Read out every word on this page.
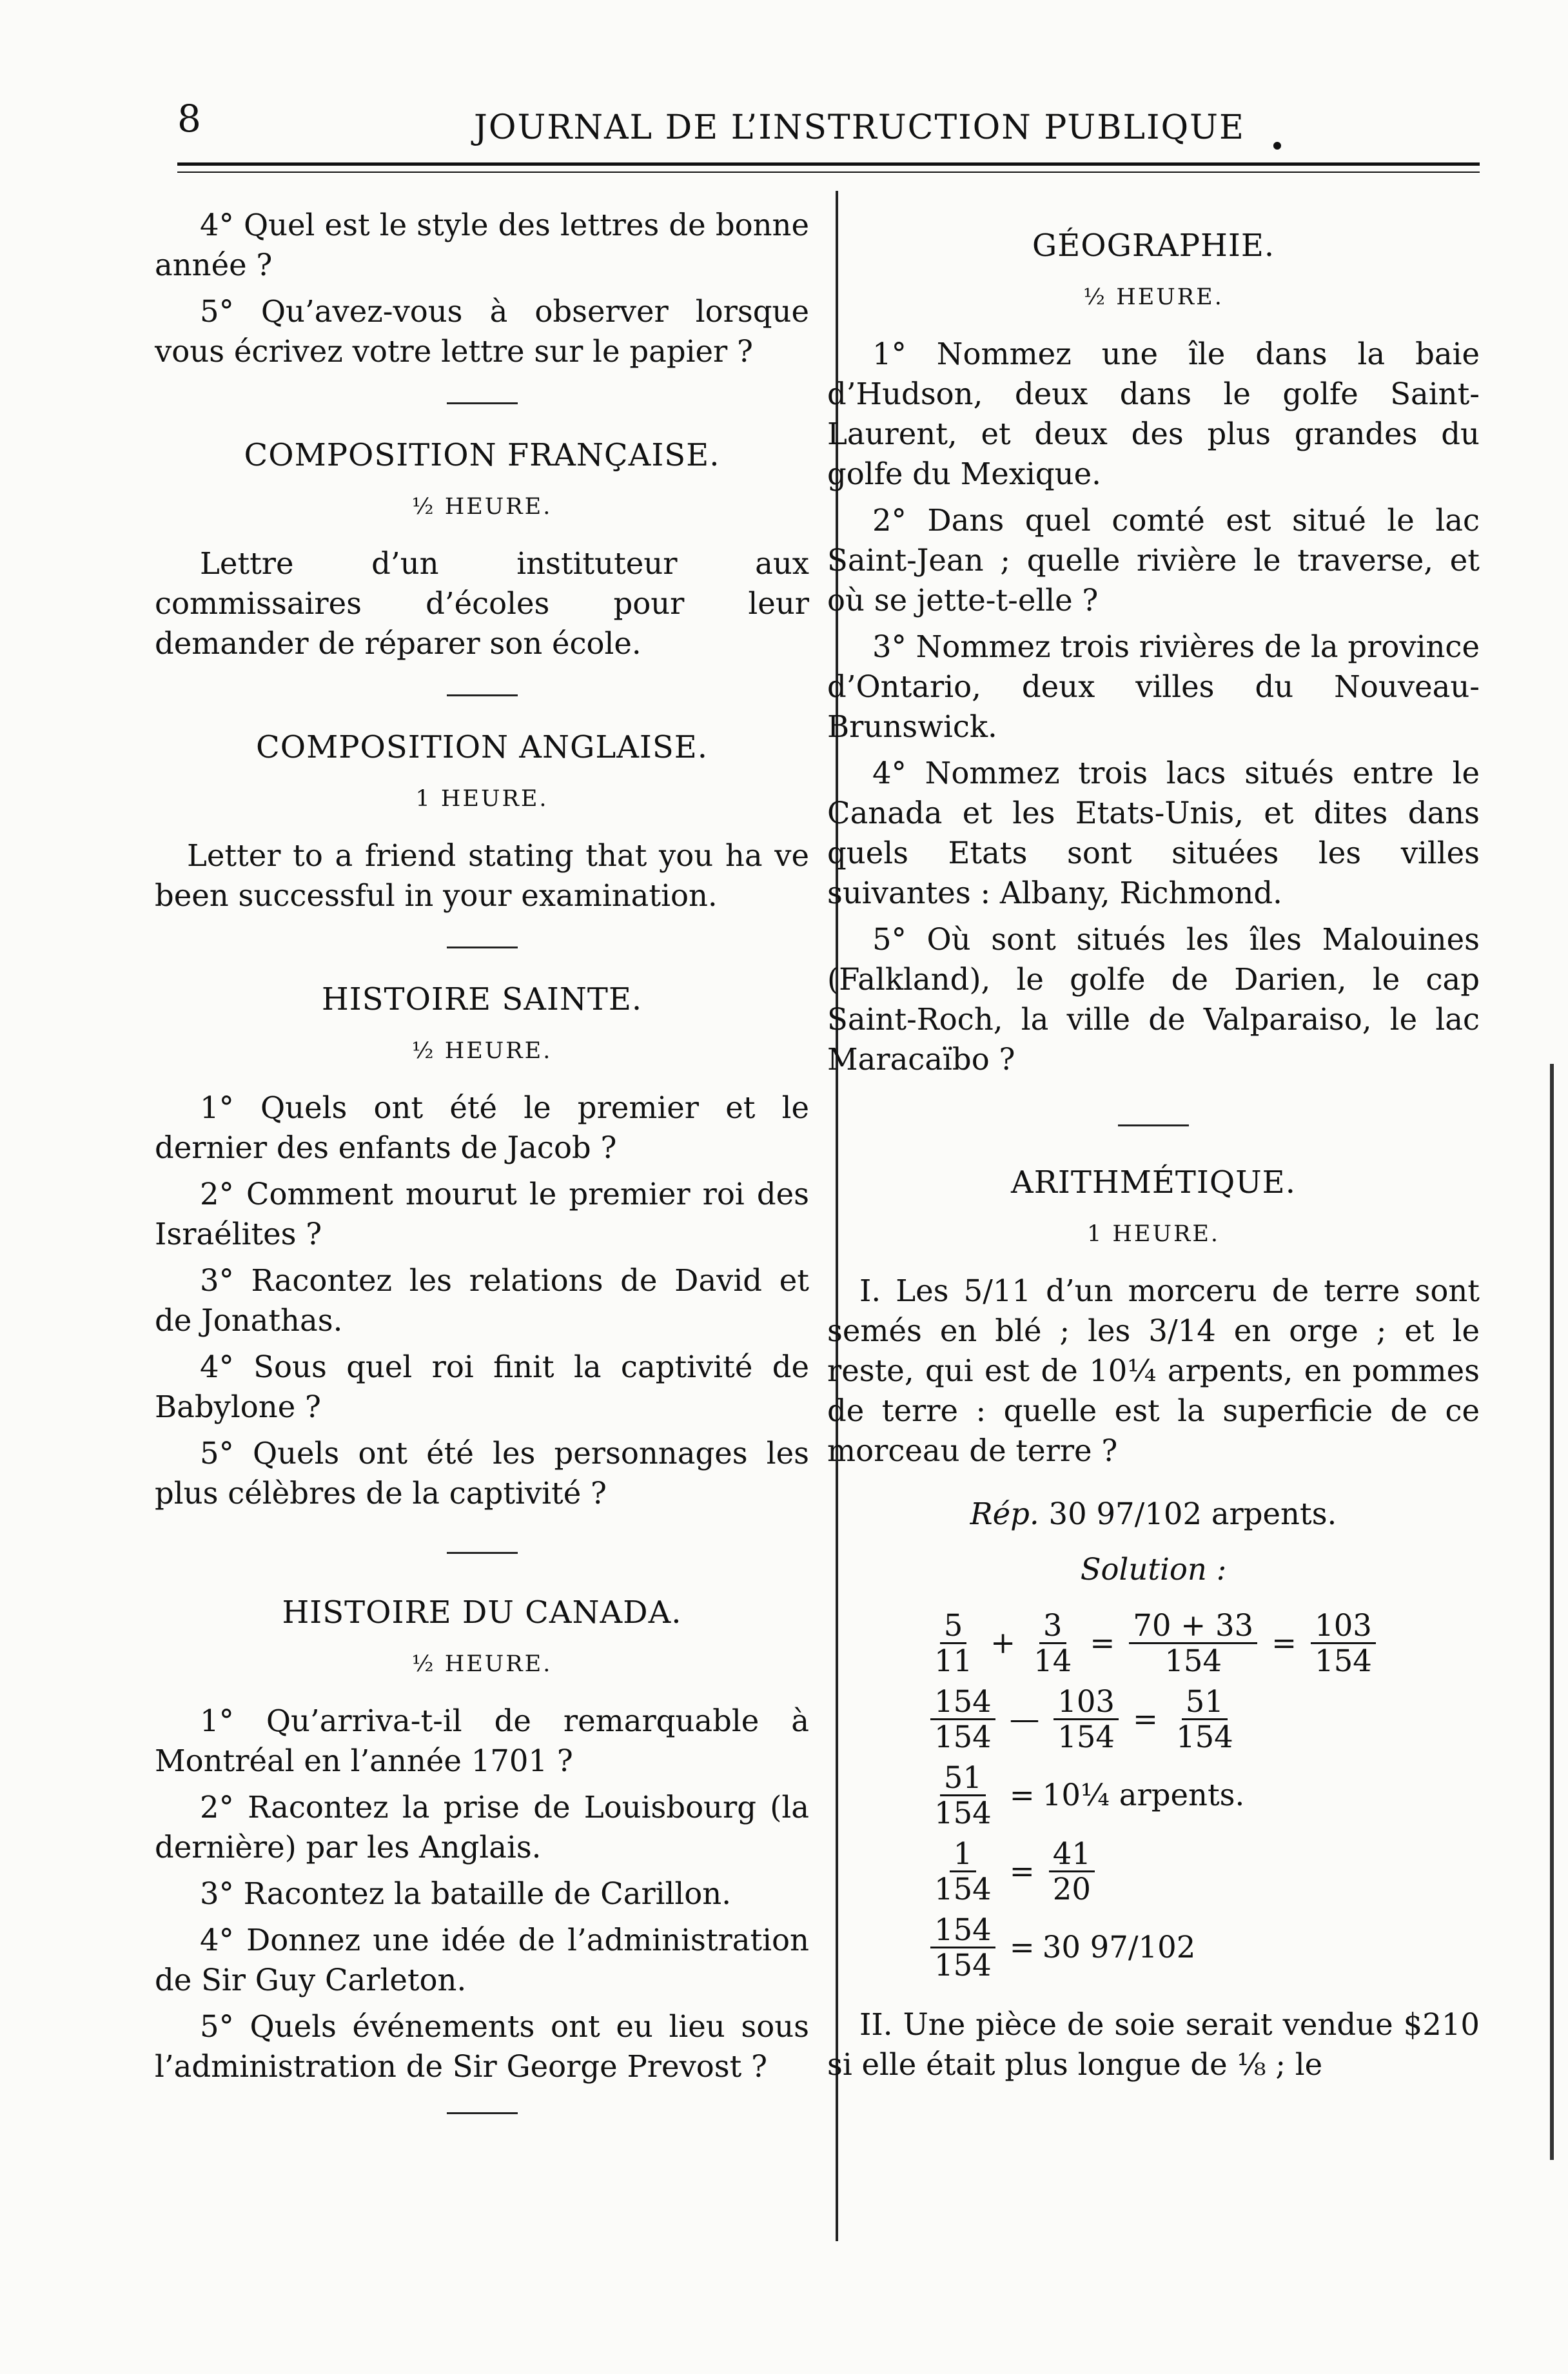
8	JOURNAL DE L’INSTRUCTION PUBLIQUE

4° Quel est le style des lettres de bonne année ?

5° Qu’avez-vous à observer lorsque vous écrivez votre lettre sur le papier ?

COMPOSITION FRANÇAISE.
½ HEURE.

Lettre d’un instituteur aux commissaires d’écoles pour leur demander de réparer son école.

COMPOSITION ANGLAISE.
1 HEURE.

Letter to a friend stating that you ha ve been successful in your examination.

HISTOIRE SAINTE.
½ HEURE.

1° Quels ont été le premier et le dernier des enfants de Jacob ?

2° Comment mourut le premier roi des Israélites ?

3° Racontez les relations de David et de Jonathas.

4° Sous quel roi finit la captivité de Babylone ?

5° Quels ont été les personnages les plus célèbres de la captivité ?

HISTOIRE DU CANADA.
½ HEURE.

1° Qu’arriva-t-il de remarquable à Montréal en l’année 1701 ?

2° Racontez la prise de Louisbourg (la dernière) par les Anglais.

3° Racontez la bataille de Carillon.

4° Donnez une idée de l’administration de Sir Guy Carleton.

5° Quels événements ont eu lieu sous l’administration de Sir George Prevost ?

GÉOGRAPHIE.
½ HEURE.

1° Nommez une île dans la baie d’Hudson, deux dans le golfe Saint-Laurent, et deux des plus grandes du golfe du Mexique.

2° Dans quel comté est situé le lac Saint-Jean ; quelle rivière le traverse, et où se jette-t-elle ?

3° Nommez trois rivières de la province d’Ontario, deux villes du Nouveau-Brunswick.

4° Nommez trois lacs situés entre le Canada et les Etats-Unis, et dites dans quels Etats sont situées les villes suivantes : Albany, Richmond.

5° Où sont situés les îles Malouines (Falkland), le golfe de Darien, le cap Saint-Roch, la ville de Valparaiso, le lac Maracaïbo ?

ARITHMÉTIQUE.
1 HEURE.

I. Les 5/11 d’un morceru de terre sont semés en blé ; les 3/14 en orge ; et le reste, qui est de 10¼ arpents, en pommes de terre : quelle est la superficie de ce morceau de terre ?

Rép. 30 97/102 arpents.
Solution :
$\frac{5}{11} + \frac{3}{14} = \frac{70 + 33}{154} = \frac{103}{154}$
$\frac{154}{154}$ — $\frac{103}{154} = \frac{51}{154}$
$\frac{51}{154}$ = 10¼ arpents.
$\frac{1}{154} = \frac{41}{20}$
$\frac{154}{154} = 30$ 97/102

II. Une pièce de soie serait vendue $210 si elle était plus longue de ⅛ ; le
